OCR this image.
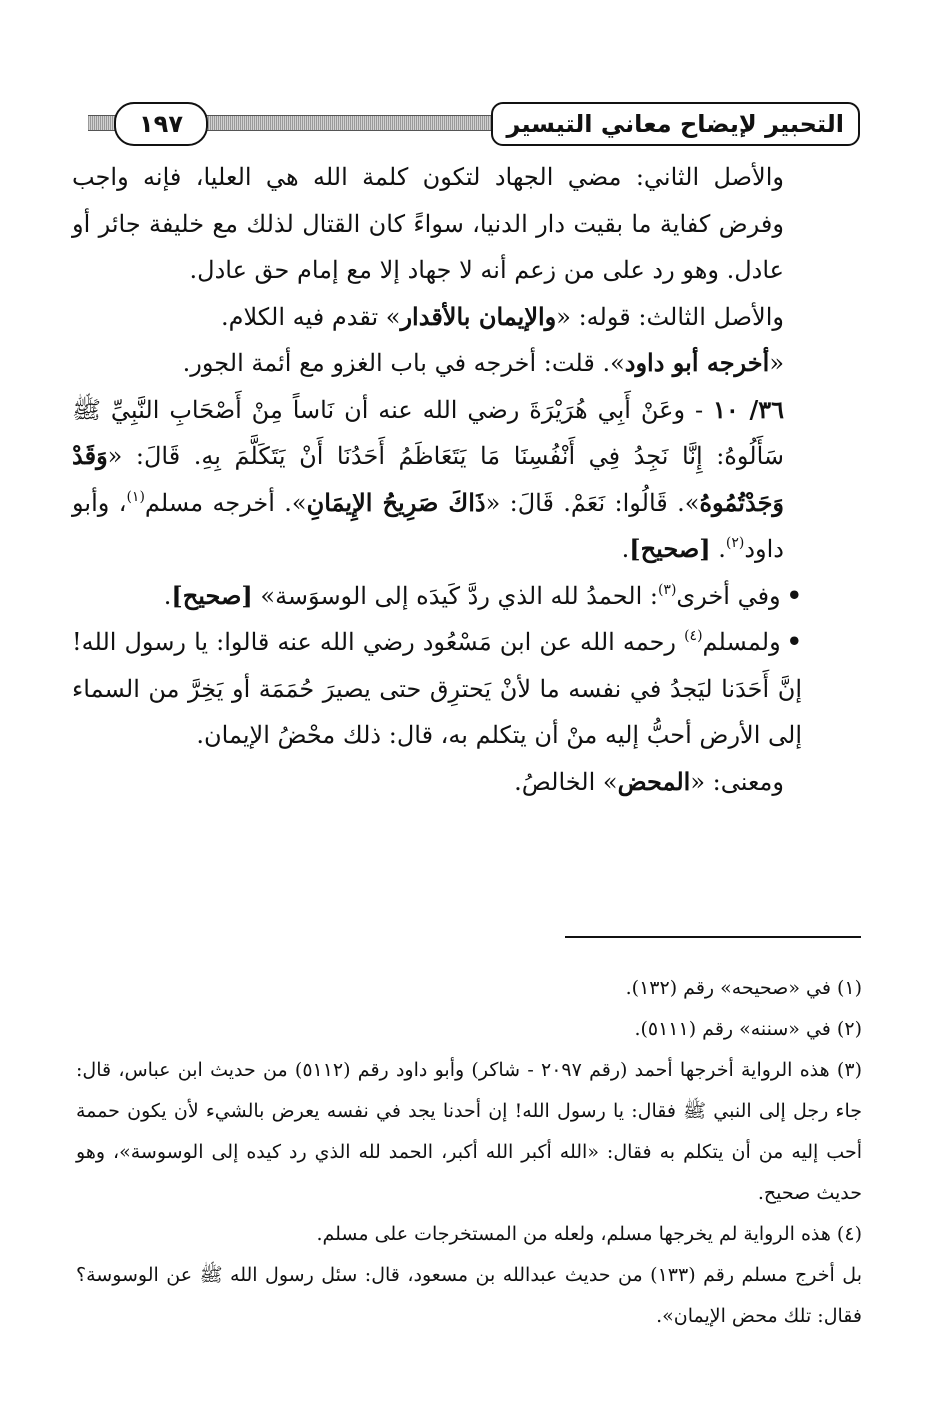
التحبير لإيضاح معاني التيسير
١٩٧

والأصل الثاني: مضي الجهاد لتكون كلمة الله هي العليا، فإنه واجب وفرض كفاية ما بقيت دار الدنيا، سواءً كان القتال لذلك مع خليفة جائر أو عادل. وهو رد على من زعم أنه لا جهاد إلا مع إمام حق عادل.

والأصل الثالث: قوله: «والإيمان بالأقدار» تقدم فيه الكلام.

«أخرجه أبو داود». قلت: أخرجه في باب الغزو مع أئمة الجور.

٣٦/ ١٠ - وعَنْ أَبِي هُرَيْرَةَ رضي الله عنه أن نَاساً مِنْ أَصْحَابِ النَّبِيِّ ﷺ سَأَلُوهُ: إِنَّا نَجِدُ فِي أَنْفُسِنَا مَا يَتَعَاظَمُ أَحَدُنَا أَنْ يَتَكَلَّمَ بِهِ. قَالَ: «وَقَدْ وَجَدْتُمُوهُ». قَالُوا: نَعَمْ. قَالَ: «ذَاكَ صَرِيحُ الإِيمَانِ». أخرجه مسلم$^{(١)}$، وأبو داود$^{(٢)}$. [صحيح].

•وفي أخرى$^{(٣)}$: الحمدُ لله الذي ردَّ كَيدَه إلى الوسوَسة» [صحيح].

•ولمسلم$^{(٤)}$ رحمه الله عن ابن مَسْعُود رضي الله عنه قالوا: يا رسول الله! إنَّ أَحَدَنا ليَجدُ في نفسه ما لأنْ يَحترِق حتى يصيرَ حُمَمَة أو يَخِرَّ من السماء إلى الأرض أحبُّ إليه منْ أن يتكلم به، قال: ذلك محْضُ الإيمان.

ومعنى: «المحض» الخالصُ.

(١) في «صحيحه» رقم (١٣٢).

(٢) في «سننه» رقم (٥١١١).

(٣) هذه الرواية أخرجها أحمد (رقم ٢٠٩٧ - شاكر) وأبو داود رقم (٥١١٢) من حديث ابن عباس، قال: جاء رجل إلى النبي ﷺ فقال: يا رسول الله! إن أحدنا يجد في نفسه يعرض بالشيء لأن يكون حممة أحب إليه من أن يتكلم به فقال: «الله أكبر الله أكبر، الحمد لله الذي رد كيده إلى الوسوسة»، وهو حديث صحيح.

(٤) هذه الرواية لم يخرجها مسلم، ولعله من المستخرجات على مسلم.

بل أخرج مسلم رقم (١٣٣) من حديث عبدالله بن مسعود، قال: سئل رسول الله ﷺ عن الوسوسة؟ فقال: تلك محض الإيمان».
